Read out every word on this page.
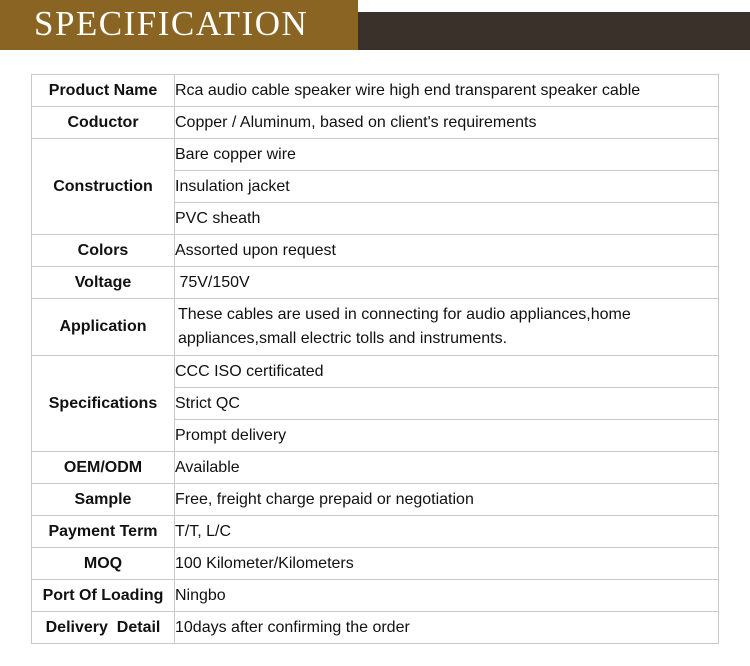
SPECIFICATION
Product Name	Rca audio cable speaker wire high end transparent speaker cable
Coductor	Copper / Aluminum, based on client's requirements
Construction	Bare copper wire
	Insulation jacket
	PVC sheath
Colors	Assorted upon request
Voltage	75V/150V
Application	These cables are used in connecting for audio appliances,home appliances,small electric tolls and instruments.
Specifications	CCC ISO certificated
	Strict QC
	Prompt delivery
OEM/ODM	Available
Sample	Free, freight charge prepaid or negotiation
Payment Term	T/T, L/C
MOQ	100 Kilometer/Kilometers
Port Of Loading	Ningbo
Delivery  Detail	10days after confirming the order
